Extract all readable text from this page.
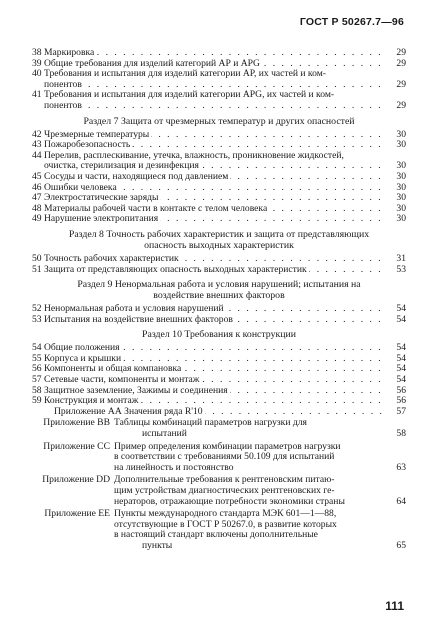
ГОСТ Р 50267.7—96
38 Маркировка . . .	29
39 Общие требования для изделий категорий АР и АРG . . .	29
40 Требования и испытания для изделий категории АР, их частей и ком-
понентов
. . .	29
41 Требования и испытания для изделий категории АРG, их частей и ком-
понентов
. . .	29
Раздел 7 Защита от чрезмерных температур и других опасностей
42 Чрезмерные температуры . . .	30
43 Пожаробезопасность . . .	30
44 Перелив, расплескивание, утечка, влажность, проникновение жидкостей,
очистка, стерилизация и дезинфекция
. . .	30
45 Сосуды и части, находящиеся под давлением . . .	30
46 Ошибки человека . . .	30
47 Электростатические заряды . . .	30
48 Материалы рабочей части в контакте с телом человека . . .	30
49 Нарушение электропитания . . .	30
Раздел 8 Точность рабочих характеристик и защита от представляющих
опасность выходных характеристик
50 Точность рабочих характеристик . . .	31
51 Защита от представляющих опасность выходных характеристик . . .	53
Раздел 9 Ненормальная работа и условия нарушений; испытания на
воздействие внешних факторов
52 Ненормальная работа и условия нарушений . . .	54
53 Испытания на воздействие внешних факторов . . .	54
Раздел 10 Требования к конструкции
54 Общие положения . . .	54
55 Корпуса и крышки . . .	54
56 Компоненты и общая компановка . . .	54
57 Сетевые части, компоненты и монтаж . . .	54
58 Защитное заземление, Зажимы и соединения . . .	56
59 Конструкция и монтаж . . .	56
Приложение АА Значения ряда R'10 . . .	57
Приложение ВВ Таблицы комбинаций параметров нагрузки для
испытаний	58
Приложение СС Пример определения комбинации параметров нагрузки
в соответствии с требованиями 50.109 для испытаний
на линейность и постоянство	63
Приложение DD Дополнительные требования к рентгеновским питаю-
щим устройствам диагностических рентгеновских ге-
нераторов, отражающие потребности экономики страны	64
Приложение ЕЕ Пункты международного стандарта МЭК 601—1—88,
отсутствующие в ГОСТ Р 50267.0, в развитие которых
в настоящий стандарт включены дополнительные
пункты	65
111
